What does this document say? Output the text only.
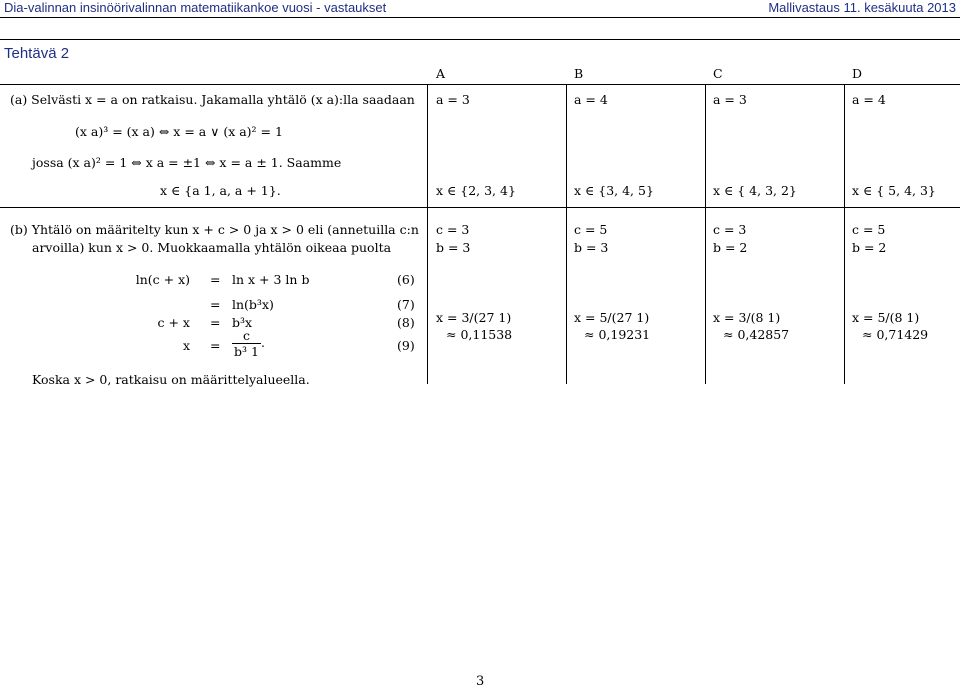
Dia-valinnan insinöörivalinnan matematiikankoe vuosi - vastaukset	Mallivastaus 11. kesäkuuta 2013
Tehtävä 2
A	B	C	D
(a) Selvästi x = a on ratkaisu. Jakamalla yhtälö (x a):lla saadaan
(x a)³ = (x a) ⇔ x = a ∨ (x a)² = 1
jossa (x a)² = 1 ⇔ x a = ±1 ⇔ x = a ± 1. Saamme
x ∈ {a 1, a, a + 1}.
a = 3	a = 4	a = 3	a = 4
x ∈ {2, 3, 4}	x ∈ {3, 4, 5}	x ∈ { 4, 3, 2}	x ∈ { 5, 4, 3}
(b) Yhtälö on määritelty kun x + c > 0 ja x > 0 eli (annetuilla c:n
arvoilla) kun x > 0. Muokkaamalla yhtälön oikeaa puolta
c = 3	c = 5	c = 3	c = 5
b = 3	b = 3	b = 2	b = 2
ln(c + x) = ln x + 3 ln b	(6)
= ln(b³x)	(7)
c + x = b³x	(8)
$x = \frac{c}{\text{b³ 1}}$ .	(9)
x = 3/(27 1)	x = 5/(27 1)	x = 3/(8 1)	x = 5/(8 1)
≈ 0,11538	≈ 0,19231	≈ 0,42857	≈ 0,71429
Koska x > 0, ratkaisu on määrittelyalueella.
3
